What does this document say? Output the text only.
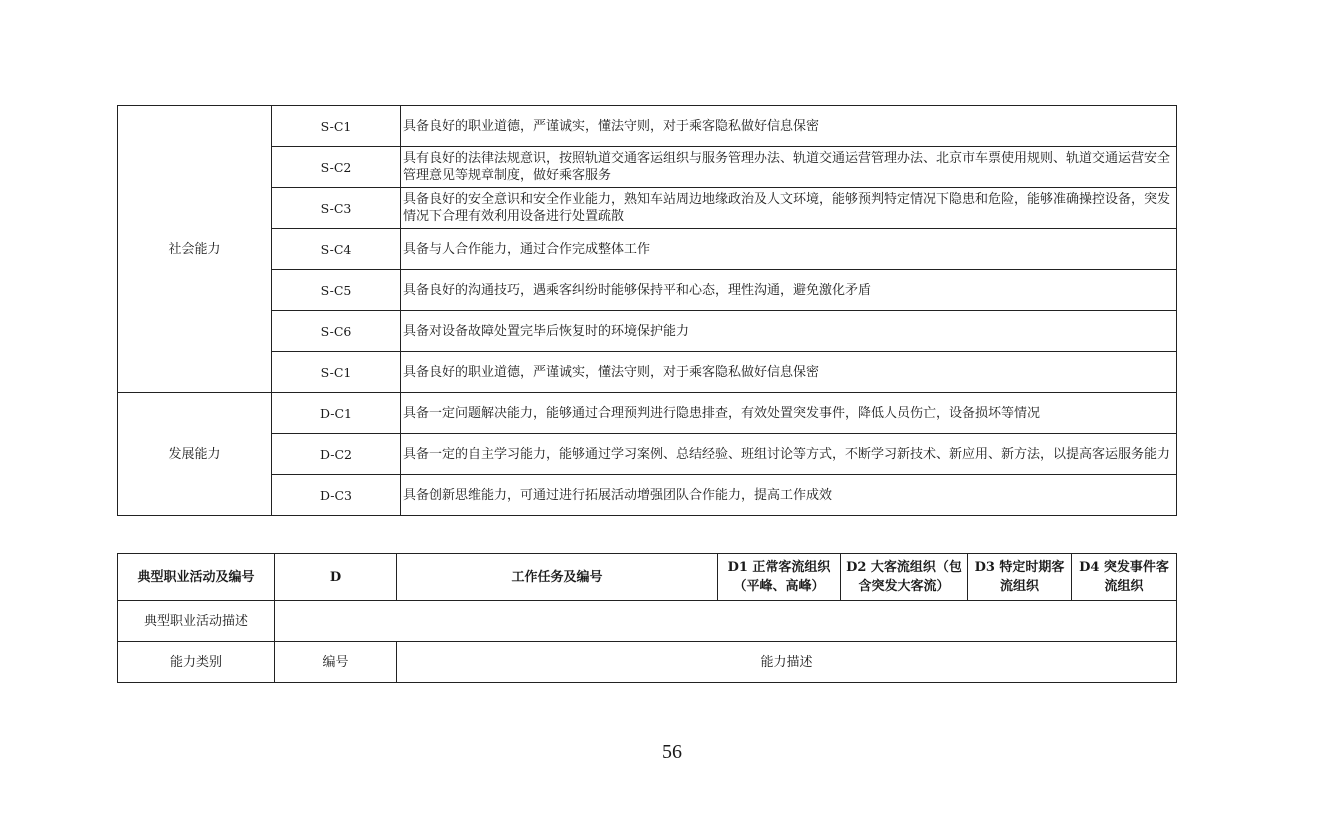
社会能力	S-C1	具备良好的职业道德，严谨诚实，懂法守则，对于乘客隐私做好信息保密
	S-C2	具有良好的法律法规意识，按照轨道交通客运组织与服务管理办法、轨道交通运营管理办法、北京市车票使用规则、轨道交通运营安全管理意见等规章制度，做好乘客服务
	S-C3	具备良好的安全意识和安全作业能力，熟知车站周边地缘政治及人文环境，能够预判特定情况下隐患和危险，能够准确操控设备，突发情况下合理有效利用设备进行处置疏散
	S-C4	具备与人合作能力，通过合作完成整体工作
	S-C5	具备良好的沟通技巧，遇乘客纠纷时能够保持平和心态，理性沟通，避免激化矛盾
	S-C6	具备对设备故障处置完毕后恢复时的环境保护能力
	S-C1	具备良好的职业道德，严谨诚实，懂法守则，对于乘客隐私做好信息保密
发展能力	D-C1	具备一定问题解决能力，能够通过合理预判进行隐患排查，有效处置突发事件，降低人员伤亡，设备损坏等情况
	D-C2	具备一定的自主学习能力，能够通过学习案例、总结经验、班组讨论等方式，不断学习新技术、新应用、新方法，以提高客运服务能力
	D-C3	具备创新思维能力，可通过进行拓展活动增强团队合作能力，提高工作成效
典型职业活动及编号	D	工作任务及编号	D1 正常客流组织（平峰、高峰）	D2 大客流组织（包含突发大客流）	D3 特定时期客流组织	D4 突发事件客流组织
典型职业活动描述						
能力类别	编号	能力描述				
56
